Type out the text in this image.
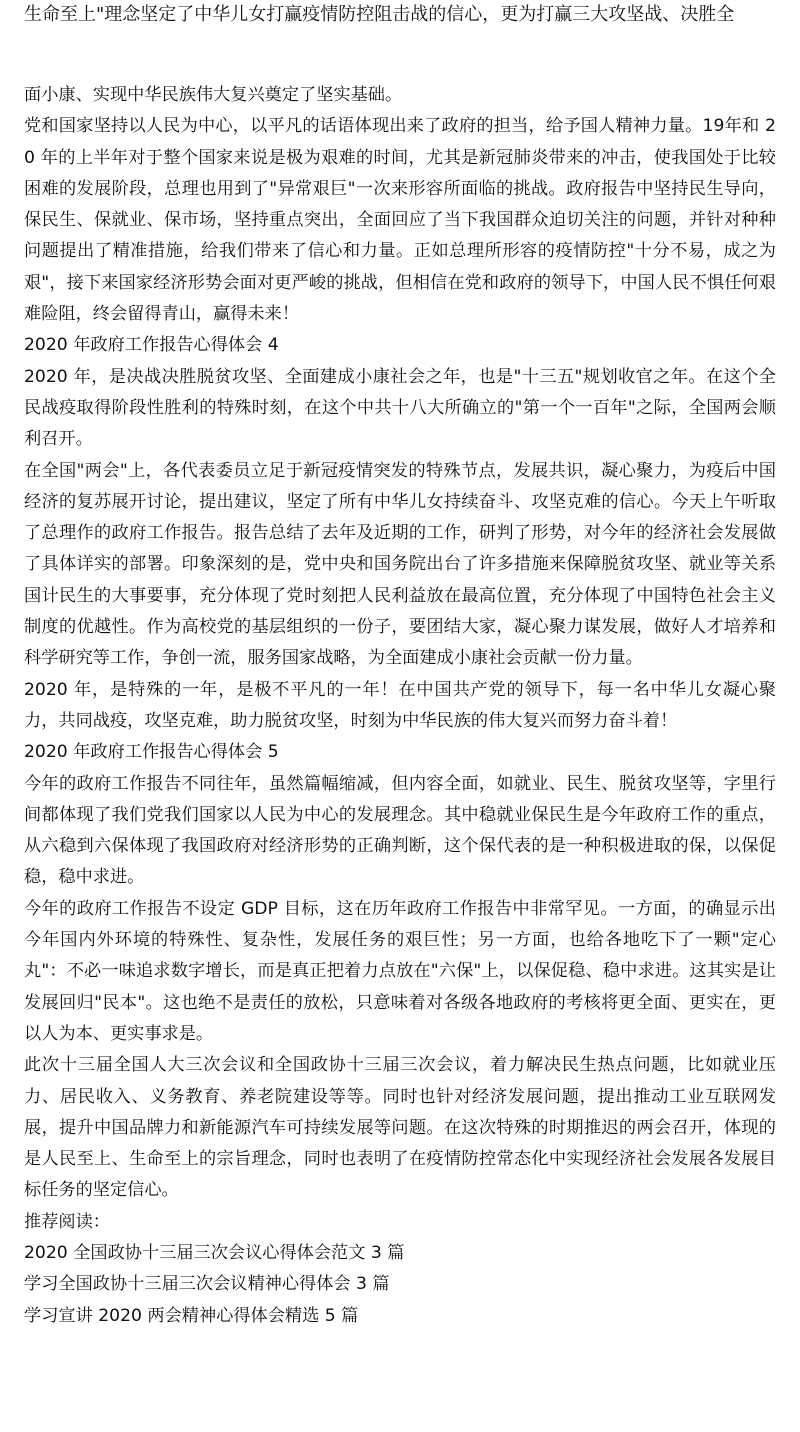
生命至上"理念坚定了中华儿女打赢疫情防控阻击战的信心，更为打赢三大攻坚战、决胜全

面小康、实现中华民族伟大复兴奠定了坚实基础。

党和国家坚持以人民为中心，以平凡的话语体现出来了政府的担当，给予国人精神力量。19年和 20 年的上半年对于整个国家来说是极为艰难的时间，尤其是新冠肺炎带来的冲击，使我国处于比较困难的发展阶段，总理也用到了"异常艰巨"一次来形容所面临的挑战。政府报告中坚持民生导向，保民生、保就业、保市场，坚持重点突出，全面回应了当下我国群众迫切关注的问题，并针对种种问题提出了精准措施，给我们带来了信心和力量。正如总理所形容的疫情防控"十分不易，成之为艰"，接下来国家经济形势会面对更严峻的挑战，但相信在党和政府的领导下，中国人民不惧任何艰难险阻，终会留得青山，赢得未来！

2020 年政府工作报告心得体会 4

2020 年，是决战决胜脱贫攻坚、全面建成小康社会之年，也是"十三五"规划收官之年。在这个全民战疫取得阶段性胜利的特殊时刻，在这个中共十八大所确立的"第一个一百年"之际，全国两会顺利召开。

在全国"两会"上，各代表委员立足于新冠疫情突发的特殊节点，发展共识，凝心聚力，为疫后中国经济的复苏展开讨论，提出建议，坚定了所有中华儿女持续奋斗、攻坚克难的信心。今天上午听取了总理作的政府工作报告。报告总结了去年及近期的工作，研判了形势，对今年的经济社会发展做了具体详实的部署。印象深刻的是，党中央和国务院出台了许多措施来保障脱贫攻坚、就业等关系国计民生的大事要事，充分体现了党时刻把人民利益放在最高位置，充分体现了中国特色社会主义制度的优越性。作为高校党的基层组织的一份子，要团结大家，凝心聚力谋发展，做好人才培养和科学研究等工作，争创一流，服务国家战略，为全面建成小康社会贡献一份力量。

2020 年，是特殊的一年，是极不平凡的一年！在中国共产党的领导下，每一名中华儿女凝心聚力，共同战疫，攻坚克难，助力脱贫攻坚，时刻为中华民族的伟大复兴而努力奋斗着！

2020 年政府工作报告心得体会 5

今年的政府工作报告不同往年，虽然篇幅缩减，但内容全面，如就业、民生、脱贫攻坚等，字里行间都体现了我们党我们国家以人民为中心的发展理念。其中稳就业保民生是今年政府工作的重点，从六稳到六保体现了我国政府对经济形势的正确判断，这个保代表的是一种积极进取的保，以保促稳，稳中求进。

今年的政府工作报告不设定 GDP 目标，这在历年政府工作报告中非常罕见。一方面，的确显示出今年国内外环境的特殊性、复杂性，发展任务的艰巨性；另一方面，也给各地吃下了一颗"定心丸"：不必一味追求数字增长，而是真正把着力点放在"六保"上，以保促稳、稳中求进。这其实是让发展回归"民本"。这也绝不是责任的放松，只意味着对各级各地政府的考核将更全面、更实在，更以人为本、更实事求是。

此次十三届全国人大三次会议和全国政协十三届三次会议，着力解决民生热点问题，比如就业压力、居民收入、义务教育、养老院建设等等。同时也针对经济发展问题，提出推动工业互联网发展，提升中国品牌力和新能源汽车可持续发展等问题。在这次特殊的时期推迟的两会召开，体现的是人民至上、生命至上的宗旨理念，同时也表明了在疫情防控常态化中实现经济社会发展各发展目标任务的坚定信心。

推荐阅读：

2020 全国政协十三届三次会议心得体会范文 3 篇
学习全国政协十三届三次会议精神心得体会 3 篇
学习宣讲 2020 两会精神心得体会精选 5 篇
